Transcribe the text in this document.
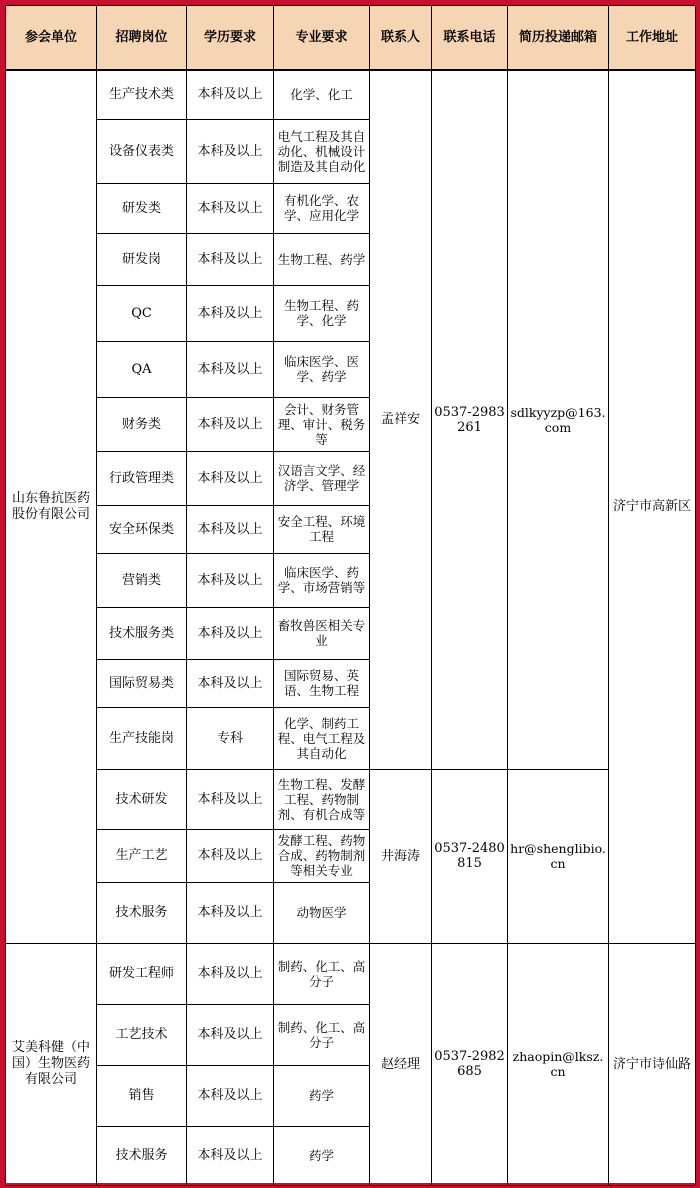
参会单位	招聘岗位	学历要求	专业要求	联系人	联系电话	简历投递邮箱	工作地址
山东鲁抗医药股份有限公司	生产技术类	本科及以上	化学、化工	孟祥安	0537-2983261	sdlkyyzp@163.com	济宁市高新区
	设备仪表类	本科及以上	电气工程及其自动化、机械设计制造及其自动化				
	研发类	本科及以上	有机化学、农学、应用化学				
	研发岗	本科及以上	生物工程、药学				
	QC	本科及以上	生物工程、药学、化学				
	QA	本科及以上	临床医学、医学、药学				
	财务类	本科及以上	会计、财务管理、审计、税务等				
	行政管理类	本科及以上	汉语言文学、经济学、管理学				
	安全环保类	本科及以上	安全工程、环境工程				
	营销类	本科及以上	临床医学、药学、市场营销等				
	技术服务类	本科及以上	畜牧兽医相关专业				
	国际贸易类	本科及以上	国际贸易、英语、生物工程				
	生产技能岗	专科	化学、制药工程、电气工程及其自动化				
	技术研发	本科及以上	生物工程、发酵工程、药物制剂、有机合成等	井海涛	0537-2480815	hr@shenglibio.cn	
	生产工艺	本科及以上	发酵工程、药物合成、药物制剂等相关专业				
	技术服务	本科及以上	动物医学				
艾美科健（中国）生物医药有限公司	研发工程师	本科及以上	制药、化工、高分子	赵经理	0537-2982685	zhaopin@lksz.cn	济宁市诗仙路
	工艺技术	本科及以上	制药、化工、高分子				
	销售	本科及以上	药学				
	技术服务	本科及以上	药学				
